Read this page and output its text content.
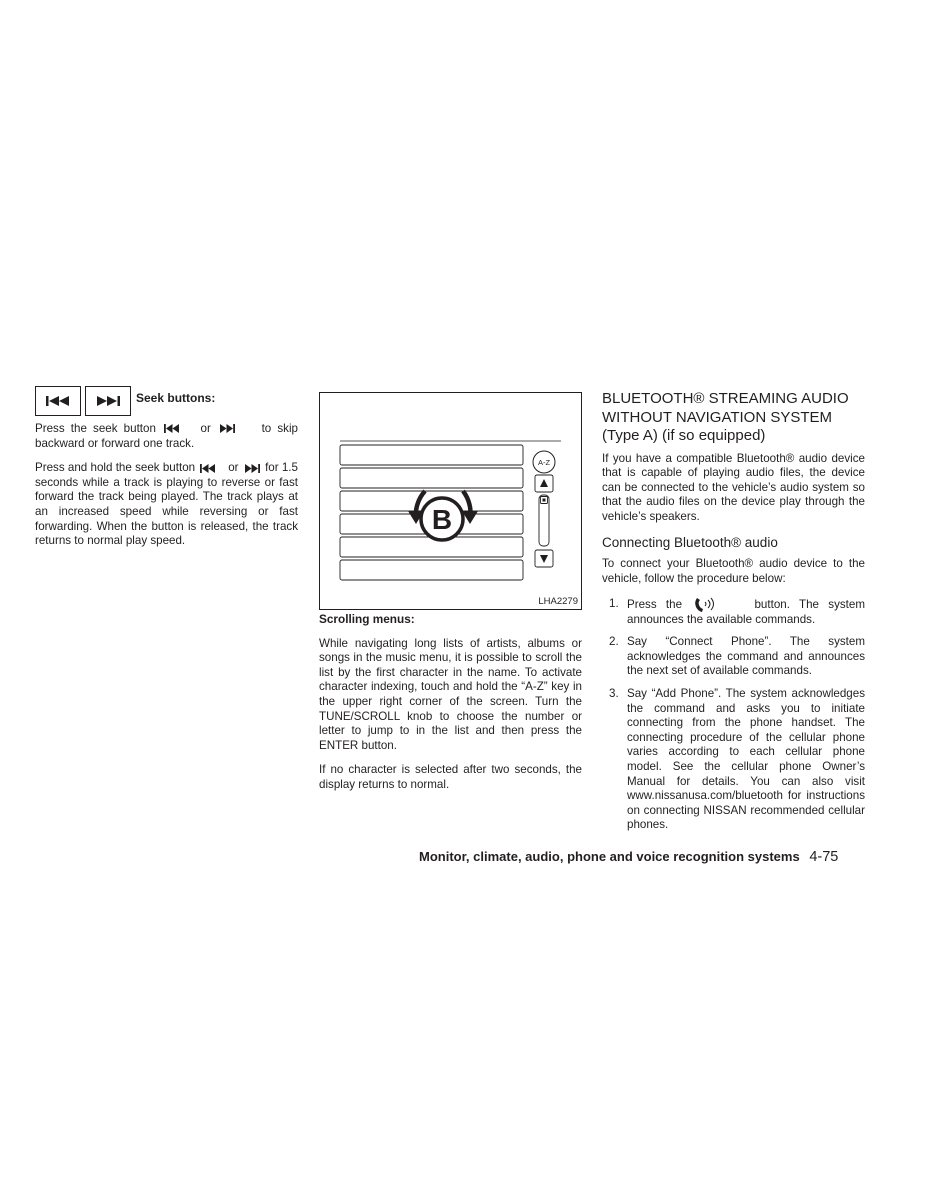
Seek buttons:

Press the seek button	or	to skip backward or forward one track.

Press and hold the seek button	or for 1.5 seconds while a track is playing to reverse or fast forward the track being played. The track plays at an increased speed while reversing or fast forwarding. When the button is released, the track returns to normal play speed.

A-Z
B
LHA2279
Scrolling menus:

While navigating long lists of artists, albums or songs in the music menu, it is possible to scroll the list by the first character in the name. To activate character indexing, touch and hold the “A-Z” key in the upper right corner of the screen. Turn the TUNE/SCROLL knob to choose the number or letter to jump to in the list and then press the ENTER button.

If no character is selected after two seconds, the display returns to normal.

BLUETOOTH® STREAMING AUDIO
WITHOUT NAVIGATION SYSTEM
(Type A) (if so equipped)

If you have a compatible Bluetooth® audio device that is capable of playing audio files, the device can be connected to the vehicle’s audio system so that the audio files on the device play through the vehicle’s speakers.

Connecting Bluetooth® audio

To connect your Bluetooth® audio device to the vehicle, follow the procedure below:

1. Press the	button. The system announces the available commands.
2. Say “Connect Phone”. The system acknowledges the command and announces the next set of available commands.
3. Say “Add Phone”. The system acknowledges the command and asks you to initiate connecting from the phone handset. The connecting procedure of the cellular phone varies according to each cellular phone model. See the cellular phone Owner’s Manual for details. You can also visit www.nissanusa.com/bluetooth for instructions on connecting NISSAN recommended cellular phones.
Monitor, climate, audio, phone and voice recognition systems 4-75
